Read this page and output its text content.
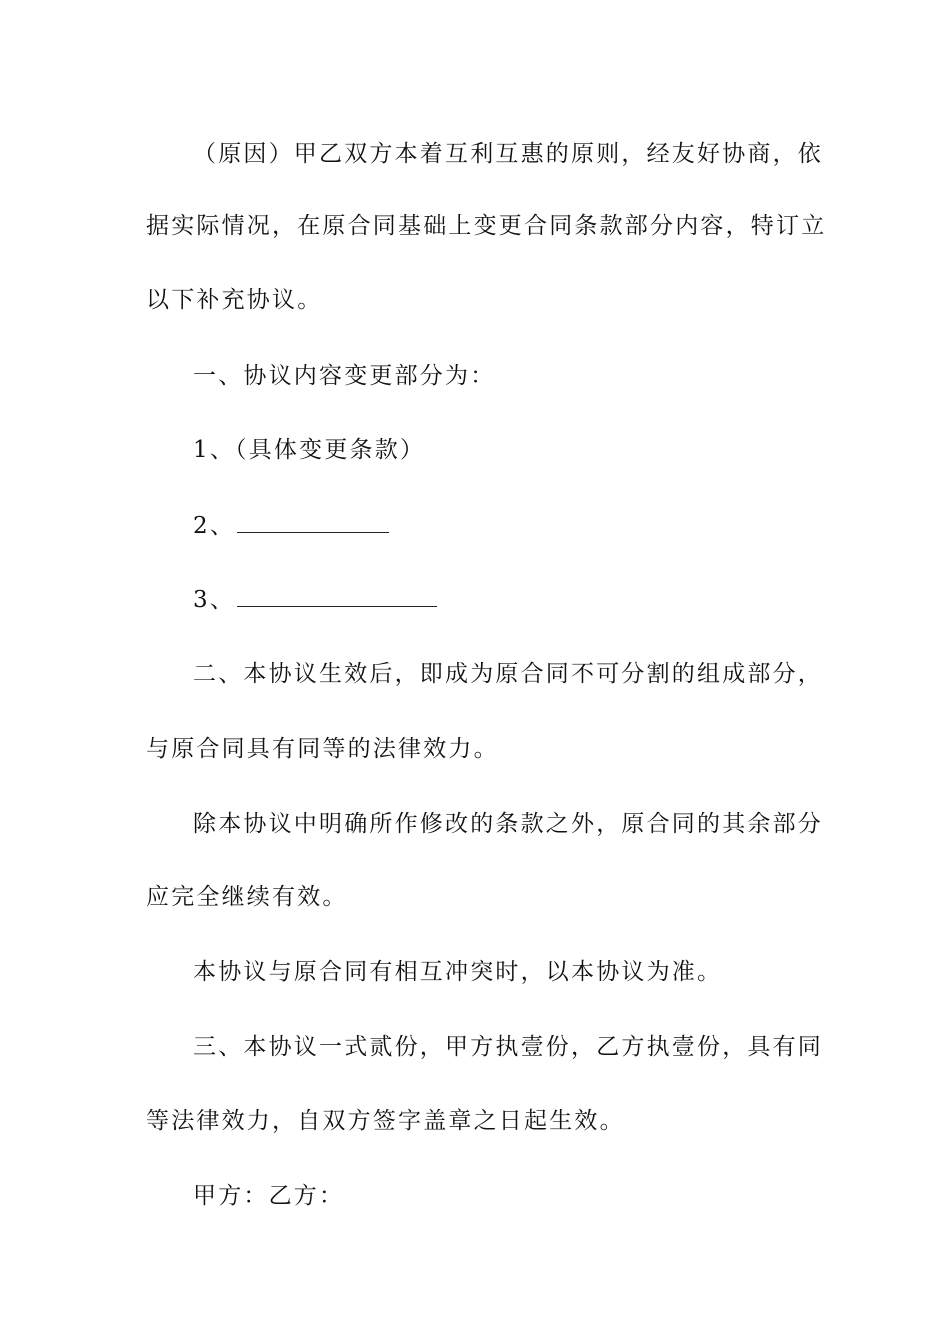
（原因）甲乙双方本着互利互惠的原则，经友好协商，依
据实际情况，在原合同基础上变更合同条款部分内容，特订立
以下补充协议。
一、协议内容变更部分为：
1、（具体变更条款）
2、
3、
二、本协议生效后，即成为原合同不可分割的组成部分，
与原合同具有同等的法律效力。
除本协议中明确所作修改的条款之外，原合同的其余部分
应完全继续有效。
本协议与原合同有相互冲突时，以本协议为准。
三、本协议一式贰份，甲方执壹份，乙方执壹份，具有同
等法律效力，自双方签字盖章之日起生效。
甲方：乙方：
